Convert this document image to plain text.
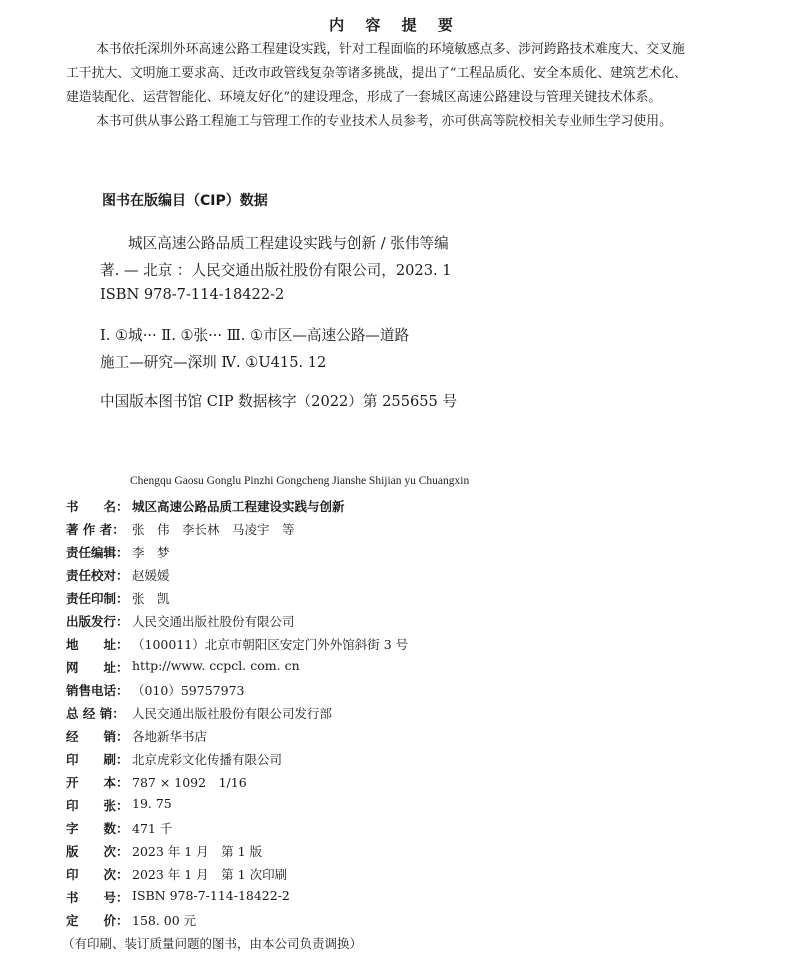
内 容 提 要
本书依托深圳外环高速公路工程建设实践，针对工程面临的环境敏感点多、涉河跨路技术难度大、交叉施
工干扰大、文明施工要求高、迁改市政管线复杂等诸多挑战，提出了“工程品质化、安全本质化、建筑艺术化、
建造装配化、运营智能化、环境友好化”的建设理念，形成了一套城区高速公路建设与管理关键技术体系。
本书可供从事公路工程施工与管理工作的专业技术人员参考，亦可供高等院校相关专业师生学习使用。
图书在版编目（CIP）数据
城区高速公路品质工程建设实践与创新 / 张伟等编
著. — 北京 ：人民交通出版社股份有限公司，2023. 1
ISBN 978-7-114-18422-2
Ⅰ. ①城··· Ⅱ. ①张··· Ⅲ. ①市区—高速公路—道路
施工—研究—深圳 Ⅳ. ①U415. 12
中国版本图书馆 CIP 数据核字（2022）第 255655 号
Chengqu Gaosu Gonglu Pinzhi Gongcheng Jianshe Shijian yu Chuangxin
书　　名： 城区高速公路品质工程建设实践与创新
著 作 者： 张　伟　李长林　马凌宇　等
责任编辑： 李　梦
责任校对： 赵媛媛
责任印制： 张　凯
出版发行： 人民交通出版社股份有限公司
地　　址： （100011）北京市朝阳区安定门外外馆斜街 3 号
网　　址： http://www. ccpcl. com. cn
销售电话： （010）59757973
总 经 销： 人民交通出版社股份有限公司发行部
经　　销： 各地新华书店
印　　刷： 北京虎彩文化传播有限公司
开　　本： 787 × 1092　1/16
印　　张： 19. 75
字　　数： 471 千
版　　次： 2023 年 1 月　第 1 版
印　　次： 2023 年 1 月　第 1 次印刷
书　　号： ISBN 978-7-114-18422-2
定　　价： 158. 00 元
（有印刷、装订质量问题的图书，由本公司负责调换）
